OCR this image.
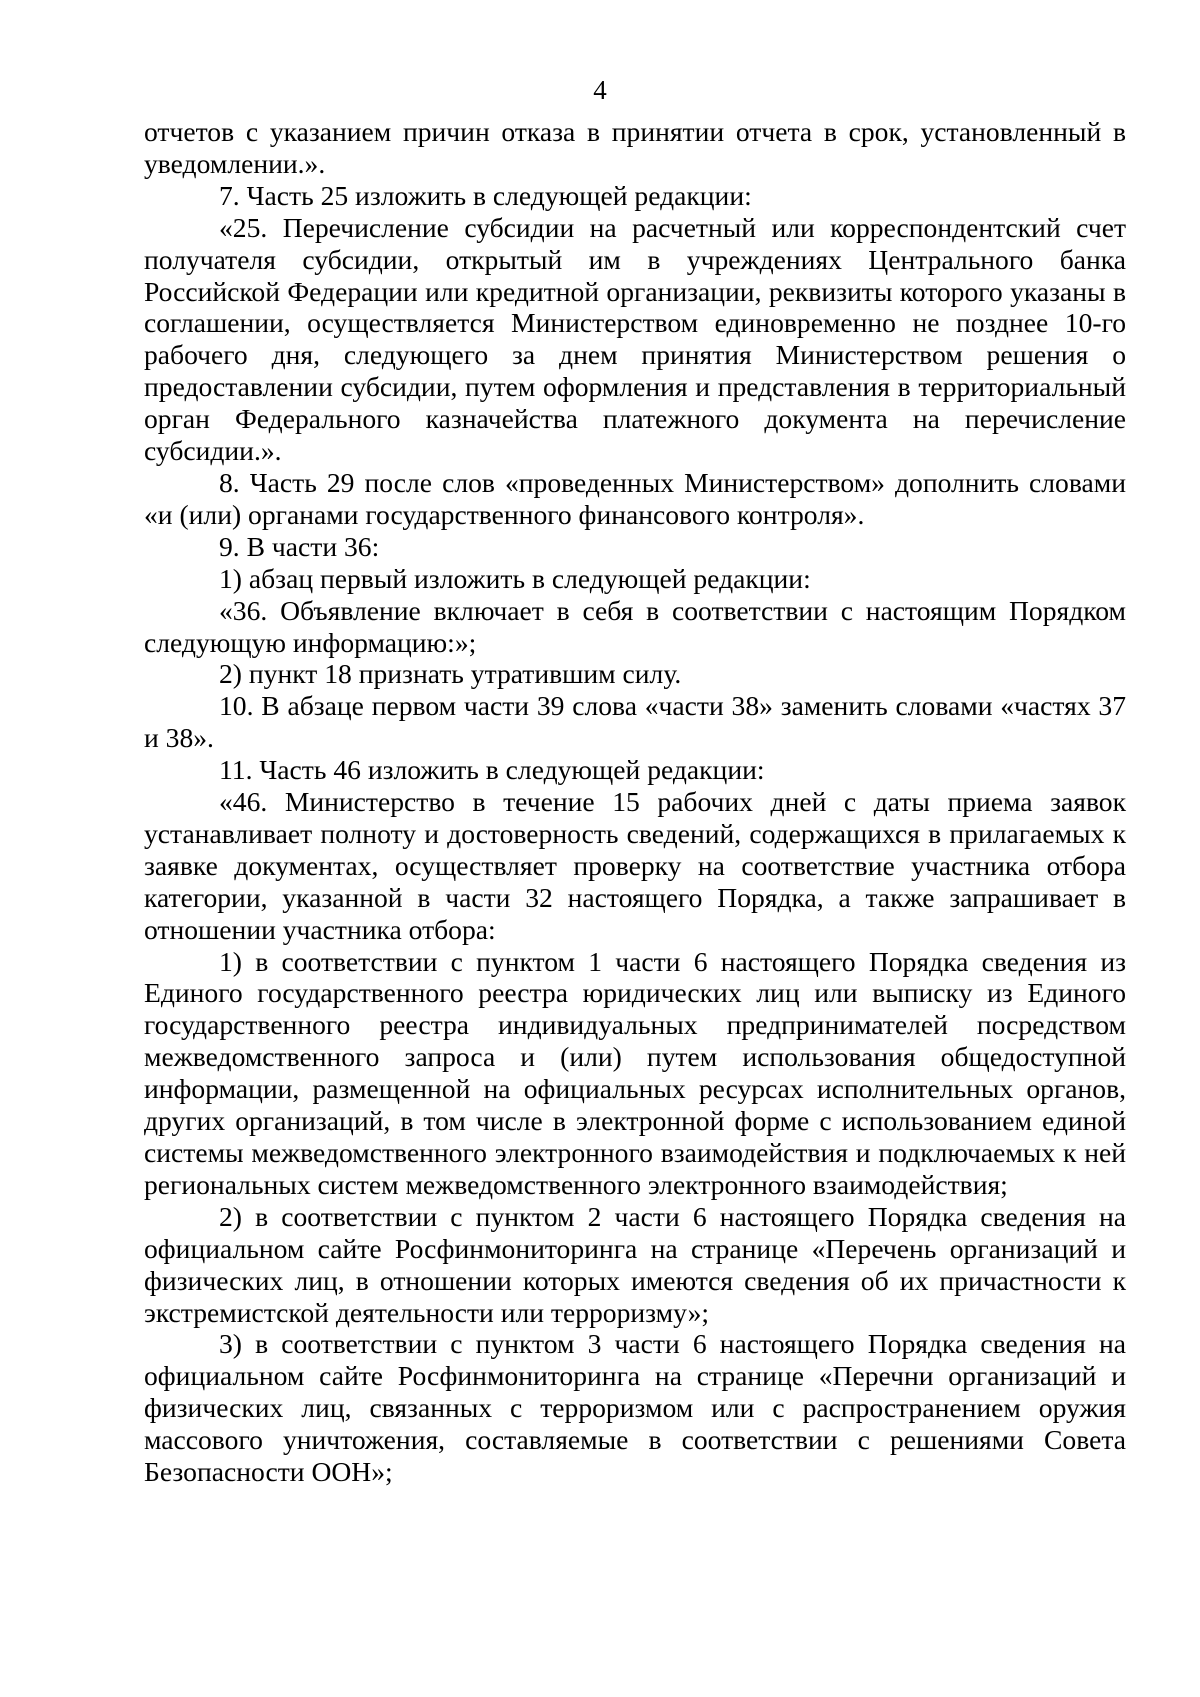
4

отчетов с указанием причин отказа в принятии отчета в срок, установленный в уведомлении.».

7. Часть 25 изложить в следующей редакции:

«25. Перечисление субсидии на расчетный или корреспондентский счет получателя субсидии, открытый им в учреждениях Центрального банка Российской Федерации или кредитной организации, реквизиты которого указаны в соглашении, осуществляется Министерством единовременно не позднее 10-го рабочего дня, следующего за днем принятия Министерством решения о предоставлении субсидии, путем оформления и представления в территориальный орган Федерального казначейства платежного документа на перечисление субсидии.».

8. Часть 29 после слов «проведенных Министерством» дополнить словами «и (или) органами государственного финансового контроля».

9. В части 36:

1) абзац первый изложить в следующей редакции:

«36. Объявление включает в себя в соответствии с настоящим Порядком следующую информацию:»;

2) пункт 18 признать утратившим силу.

10. В абзаце первом части 39 слова «части 38» заменить словами «частях 37 и 38».

11. Часть 46 изложить в следующей редакции:

«46. Министерство в течение 15 рабочих дней с даты приема заявок устанавливает полноту и достоверность сведений, содержащихся в прилагаемых к заявке документах, осуществляет проверку на соответствие участника отбора категории, указанной в части 32 настоящего Порядка, а также запрашивает в отношении участника отбора:

1) в соответствии с пунктом 1 части 6 настоящего Порядка сведения из Единого государственного реестра юридических лиц или выписку из Единого государственного реестра индивидуальных предпринимателей посредством межведомственного запроса и (или) путем использования общедоступной информации, размещенной на официальных ресурсах исполнительных органов, других организаций, в том числе в электронной форме с использованием единой системы межведомственного электронного взаимодействия и подключаемых к ней региональных систем межведомственного электронного взаимодействия;

2) в соответствии с пунктом 2 части 6 настоящего Порядка сведения на официальном сайте Росфинмониторинга на странице «Перечень организаций и физических лиц, в отношении которых имеются сведения об их причастности к экстремистской деятельности или терроризму»;

3) в соответствии с пунктом 3 части 6 настоящего Порядка сведения на официальном сайте Росфинмониторинга на странице «Перечни организаций и физических лиц, связанных с терроризмом или с распространением оружия массового уничтожения, составляемые в соответствии с решениями Совета Безопасности ООН»;
